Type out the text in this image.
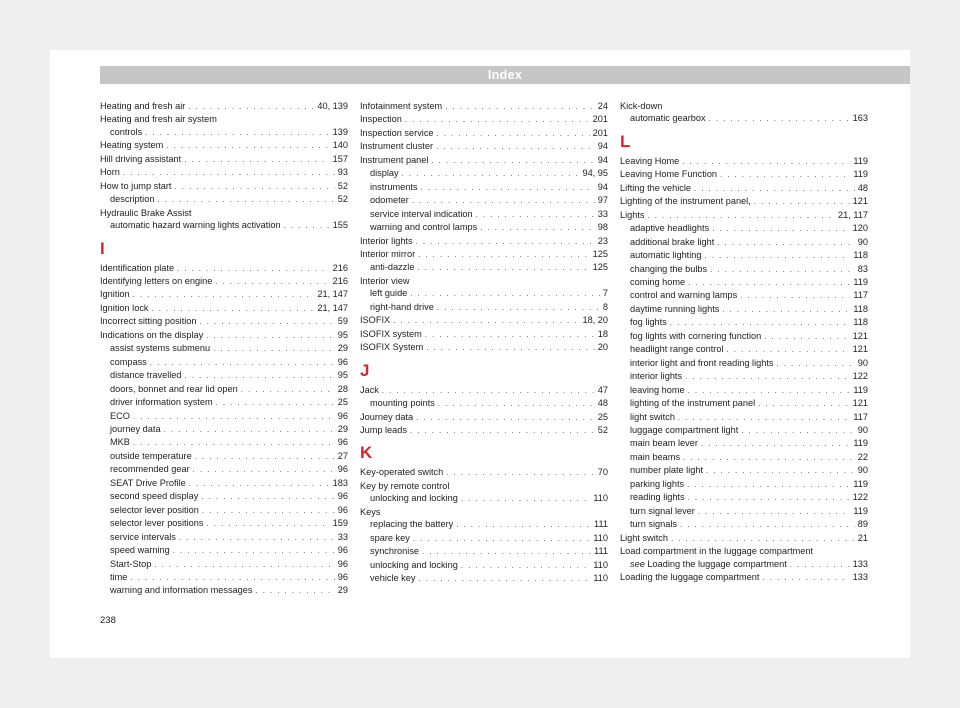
Index
Heating and fresh air . . .	40, 139
Heating and fresh air system
controls . . .	139
Heating system . . .	140
Hill driving assistant . . .	157
Horn . . .	93
How to jump start . . .	52
description . . .	52
Hydraulic Brake Assist
automatic hazard warning lights activation . . .	155
I
Identification plate . . .	216
Identifying letters on engine . . .	216
Ignition . . .	21, 147
Ignition lock . . .	21, 147
Incorrect sitting position . . .	59
Indications on the display . . .	95
assist systems submenu . . .	29
compass . . .	96
distance travelled . . .	95
doors, bonnet and rear lid open . . .	28
driver information system . . .	25
ECO . . .	96
journey data . . .	29
MKB . . .	96
outside temperature . . .	27
recommended gear . . .	96
SEAT Drive Profile . . .	183
second speed display . . .	96
selector lever position . . .	96
selector lever positions . . .	159
service intervals . . .	33
speed warning . . .	96
Start-Stop . . .	96
time . . .	96
warning and information messages . . .	29
Infotainment system . . .	24
Inspection . . .	201
Inspection service . . .	201
Instrument cluster . . .	94
Instrument panel . . .	94
display . . .	94, 95
instruments . . .	94
odometer . . .	97
service interval indication . . .	33
warning and control lamps . . .	98
Interior lights . . .	23
Interior mirror . . .	125
anti-dazzle . . .	125
Interior view
left guide . . .	7
right-hand drive . . .	8
ISOFIX . . .	18, 20
ISOFIX system . . .	18
ISOFIX System . . .	20
J
Jack . . .	47
mounting points . . .	48
Journey data . . .	25
Jump leads . . .	52
K
Key-operated switch . . .	70
Key by remote control
unlocking and locking . . .	110
Keys
replacing the battery . . .	111
spare key . . .	110
synchronise . . .	111
unlocking and locking . . .	110
vehicle key . . .	110
Kick-down
automatic gearbox . . .	163
L
Leaving Home . . .	119
Leaving Home Function . . .	119
Lifting the vehicle . . .	48
Lighting of the instrument panel, . . .	121
Lights . . .	21, 117
adaptive headlights . . .	120
additional brake light . . .	90
automatic lighting . . .	118
changing the bulbs . . .	83
coming home . . .	119
control and warning lamps . . .	117
daytime running lights . . .	118
fog lights . . .	118
fog lights with cornering function . . .	121
headlight range control . . .	121
interior light and front reading lights . . .	90
interior lights . . .	122
leaving home . . .	119
lighting of the instrument panel . . .	121
light switch . . .	117
luggage compartment light . . .	90
main beam lever . . .	119
main beams . . .	22
number plate light . . .	90
parking lights . . .	119
reading lights . . .	122
turn signal lever . . .	119
turn signals . . .	89
Light switch . . .	21
Load compartment in the luggage compartment
see Loading the luggage compartment . . .	133
Loading the luggage compartment . . .	133
238
